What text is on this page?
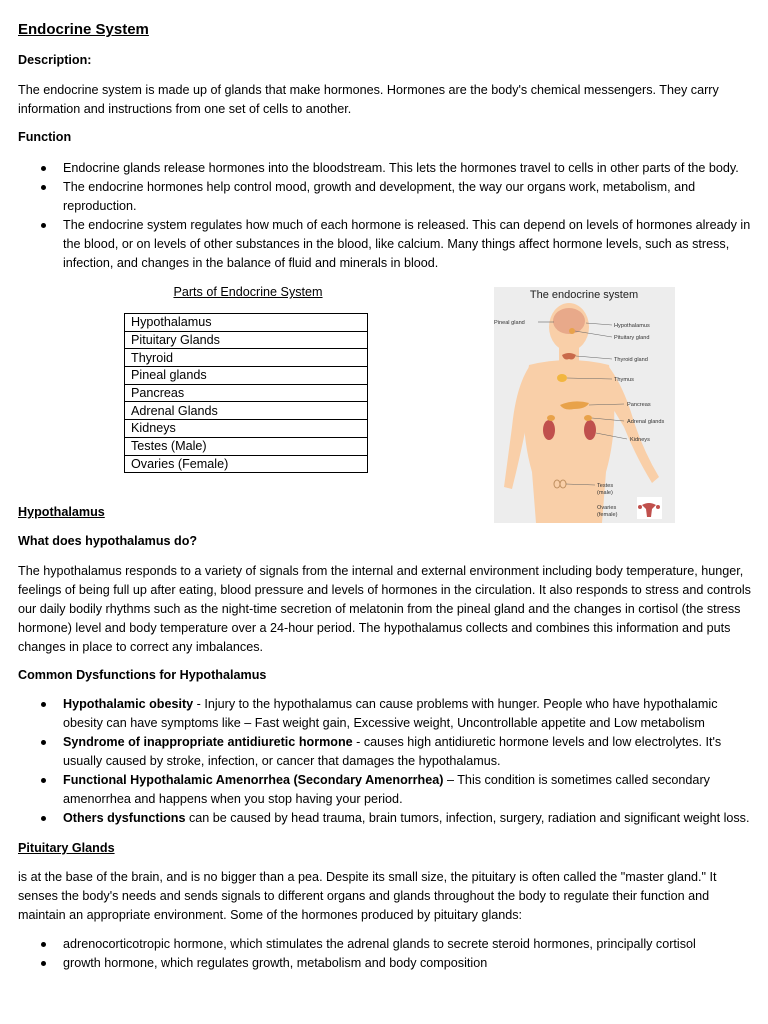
Endocrine System

Description:

The endocrine system is made up of glands that make hormones. Hormones are the body's chemical messengers. They carry information and instructions from one set of cells to another.

Function

Endocrine glands release hormones into the bloodstream. This lets the hormones travel to cells in other parts of the body.
The endocrine hormones help control mood, growth and development, the way our organs work, metabolism, and reproduction.
The endocrine system regulates how much of each hormone is released. This can depend on levels of hormones already in the blood, or on levels of other substances in the blood, like calcium. Many things affect hormone levels, such as stress, infection, and changes in the balance of fluid and minerals in blood.

Parts of Endocrine System

Hypothalamus
Pituitary Glands
Thyroid
Pineal glands
Pancreas
Adrenal Glands
Kidneys
Testes (Male)
Ovaries (Female)
The endocrine system
Pineal gland	Hypothalamus
Pituitary gland
Thyroid gland
Thymus
Pancreas
Adrenal glands
Kidneys
Testes
(male)
Ovaries
(female)

Hypothalamus

What does hypothalamus do?

The hypothalamus responds to a variety of signals from the internal and external environment including body temperature, hunger, feelings of being full up after eating, blood pressure and levels of hormones in the circulation. It also responds to stress and controls our daily bodily rhythms such as the night-time secretion of melatonin from the pineal gland and the changes in cortisol (the stress hormone) level and body temperature over a 24-hour period. The hypothalamus collects and combines this information and puts changes in place to correct any imbalances.

Common Dysfunctions for Hypothalamus

Hypothalamic obesity - Injury to the hypothalamus can cause problems with hunger. People who have hypothalamic obesity can have symptoms like – Fast weight gain, Excessive weight, Uncontrollable appetite and Low metabolism
Syndrome of inappropriate antidiuretic hormone - causes high antidiuretic hormone levels and low electrolytes. It's usually caused by stroke, infection, or cancer that damages the hypothalamus.
Functional Hypothalamic Amenorrhea (Secondary Amenorrhea) – This condition is sometimes called secondary amenorrhea and happens when you stop having your period.
Others dysfunctions can be caused by head trauma, brain tumors, infection, surgery, radiation and significant weight loss.

Pituitary Glands

is at the base of the brain, and is no bigger than a pea. Despite its small size, the pituitary is often called the "master gland." It senses the body's needs and sends signals to different organs and glands throughout the body to regulate their function and maintain an appropriate environment. Some of the hormones produced by pituitary glands:

adrenocorticotropic hormone, which stimulates the adrenal glands to secrete steroid hormones, principally cortisol
growth hormone, which regulates growth, metabolism and body composition
